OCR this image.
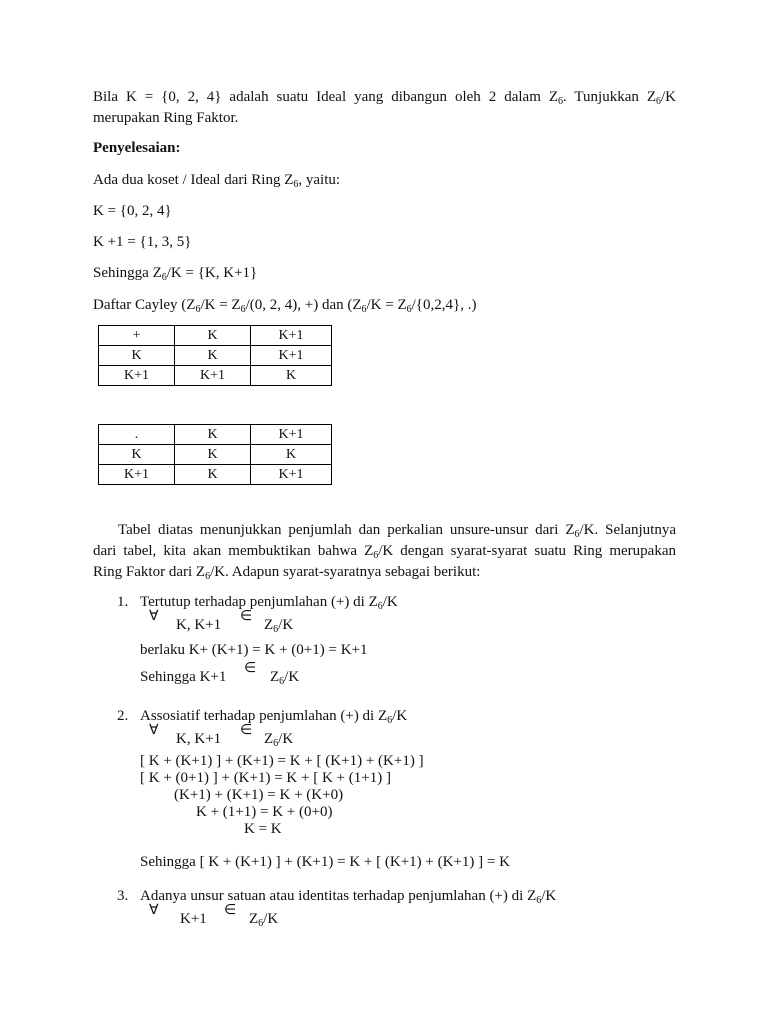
Bila K = {0, 2, 4} adalah suatu Ideal yang dibangun oleh 2 dalam $Z_6$. Tunjukkan $Z_6/K$
merupakan Ring Faktor.
Penyelesaian:
Ada dua koset / Ideal dari Ring $Z_6$, yaitu:
K = {0, 2, 4}
K +1 = {1, 3, 5}
Sehingga $Z_6/K = \{K$, K+1}
Daftar Cayley ($Z_6/K = Z_6/(0$, 2, 4), +) dan ($Z_6/K = Z_6/\{0,2,4\}$, .)
+	K	K+1
K	K	K+1
K+1	K+1	K
.	K	K+1
K	K	K
K+1	K	K+1
Tabel diatas menunjukkan penjumlah dan perkalian unsure-unsur dari $Z_6/K$. Selanjutnya
dari tabel, kita akan membuktikan bahwa $Z_6/K$ dengan syarat-syarat suatu Ring merupakan
Ring Faktor dari $Z_6/K$. Adapun syarat-syaratnya sebagai berikut:
1. Tertutup terhadap penjumlahan (+) di $Z_6/K$
∀
K, K+1
∈
$Z_6/K$
berlaku K+ (K+1) = K + (0+1) = K+1
Sehingga K+1
∈
$Z_6/K$
2. Assosiatif terhadap penjumlahan (+) di $Z_6/K$
∀
K, K+1
∈
$Z_6/K$
[ K + (K+1) ] + (K+1) = K + [ (K+1) + (K+1) ]
[ K + (0+1) ] + (K+1) = K + [ K + (1+1) ]
(K+1) + (K+1) = K + (K+0)
K + (1+1) = K + (0+0)
K = K
Sehingga [ K + (K+1) ] + (K+1) = K + [ (K+1) + (K+1) ] = K
3. Adanya unsur satuan atau identitas terhadap penjumlahan (+) di $Z_6/K$
∀
K+1
∈
$Z_6/K$
